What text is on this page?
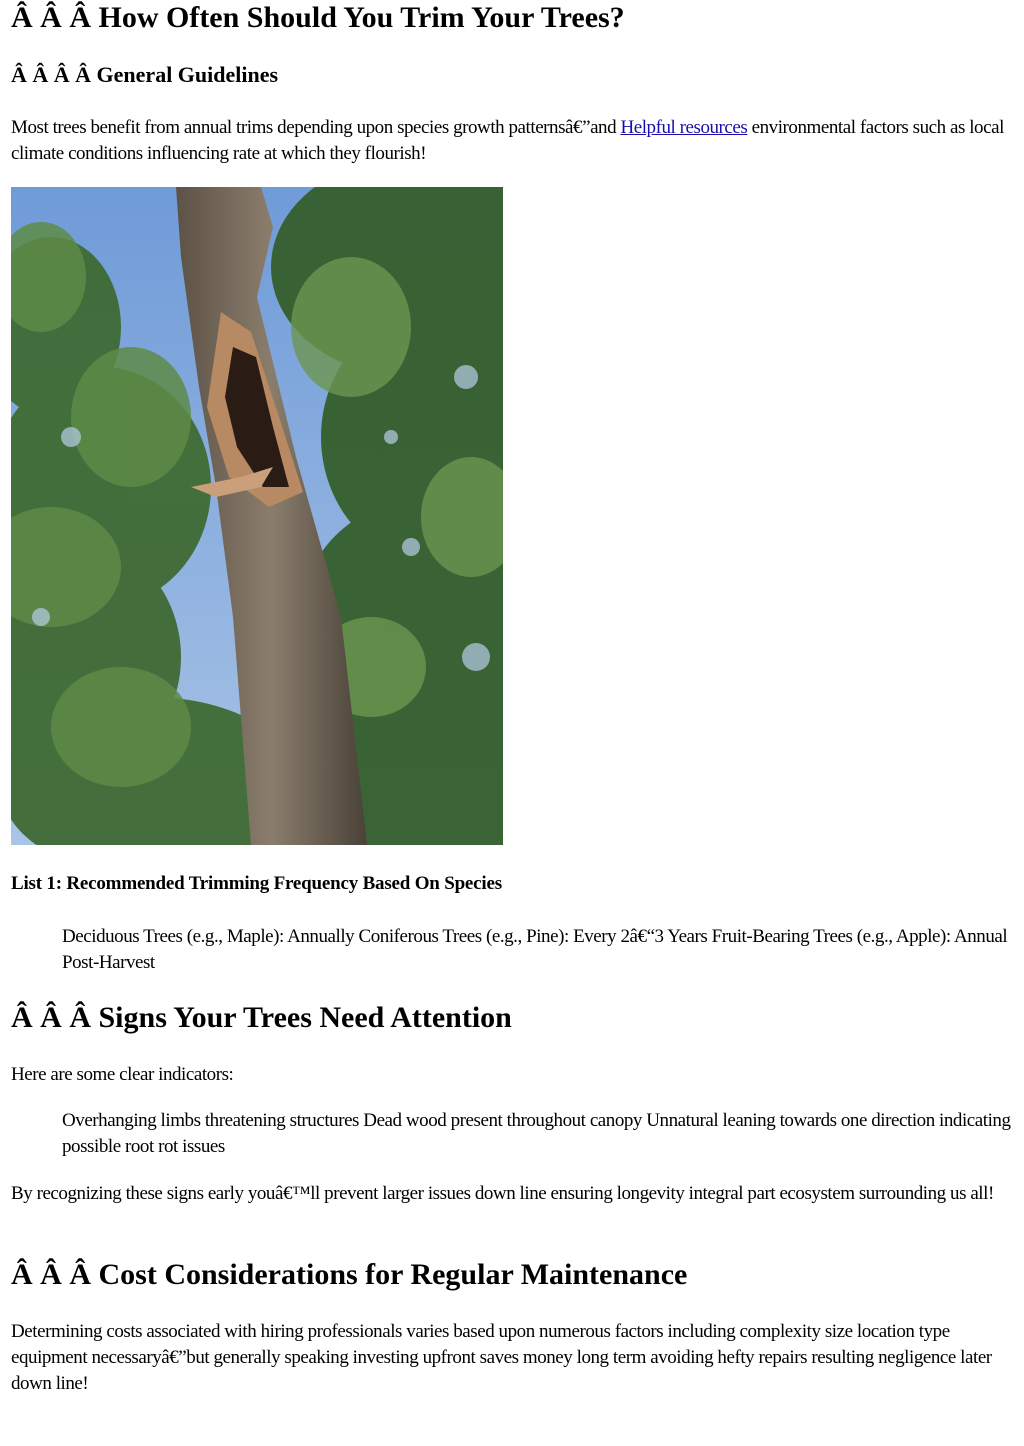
Â Â Â How Often Should You Trim Your Trees?
Â Â Â Â General Guidelines

Most trees benefit from annual trims depending upon species growth patternsâ€”and Helpful resources environmental factors such as local climate conditions influencing rate at which they flourish!

List 1: Recommended Trimming Frequency Based On Species

Deciduous Trees (e.g., Maple): Annually Coniferous Trees (e.g., Pine): Every 2â€“3 Years Fruit-Bearing Trees (e.g., Apple): Annual Post-Harvest

Â Â Â Signs Your Trees Need Attention

Here are some clear indicators:

Overhanging limbs threatening structures Dead wood present throughout canopy Unnatural leaning towards one direction indicating possible root rot issues

By recognizing these signs early youâ€™ll prevent larger issues down line ensuring longevity integral part ecosystem surrounding us all!

Â Â Â Cost Considerations for Regular Maintenance

Determining costs associated with hiring professionals varies based upon numerous factors including complexity size location type equipment necessaryâ€”but generally speaking investing upfront saves money long term avoiding hefty repairs resulting negligence later down line!
